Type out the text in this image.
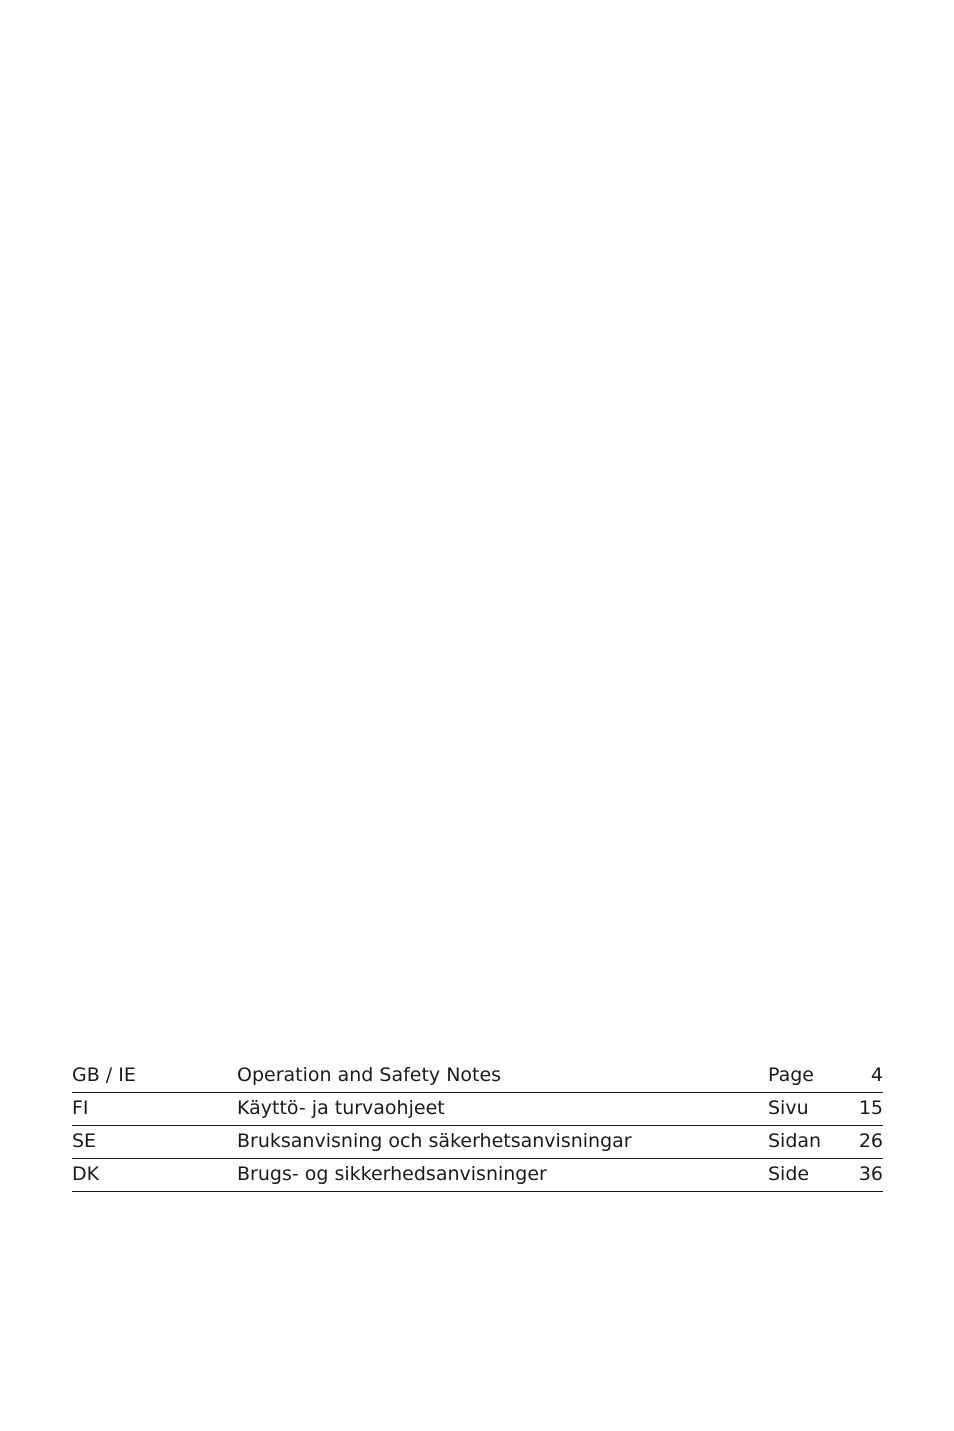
GB / IE	Operation and Safety Notes	Page	4
FI	Käyttö- ja turvaohjeet	Sivu	15
SE	Bruksanvisning och säkerhetsanvisningar	Sidan 26
DK	Brugs- og sikkerhedsanvisninger	Side	36
